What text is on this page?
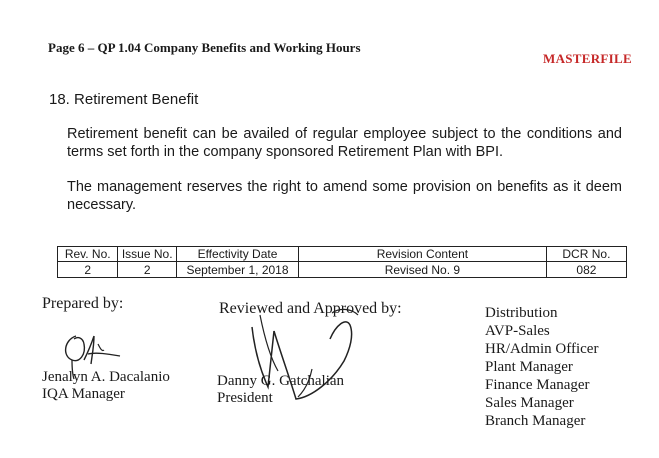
Page 6 – QP 1.04 Company Benefits and Working Hours
MASTERFILE
18. Retirement Benefit
Retirement benefit can be availed of regular employee subject to the conditions and terms set forth in the company sponsored Retirement Plan with BPI.
The management reserves the right to amend some provision on benefits as it deem necessary.
Rev. No.	Issue No.	Effectivity Date	Revision Content	DCR No.
2	2	September 1, 2018	Revised No. 9	082
Prepared by:	Reviewed and Approved by:
Jenalyn A. Dacalanio
IQA Manager
Danny G. Gatchalian
President
Distribution
AVP-Sales
HR/Admin Officer
Plant Manager
Finance Manager
Sales Manager
Branch Manager
